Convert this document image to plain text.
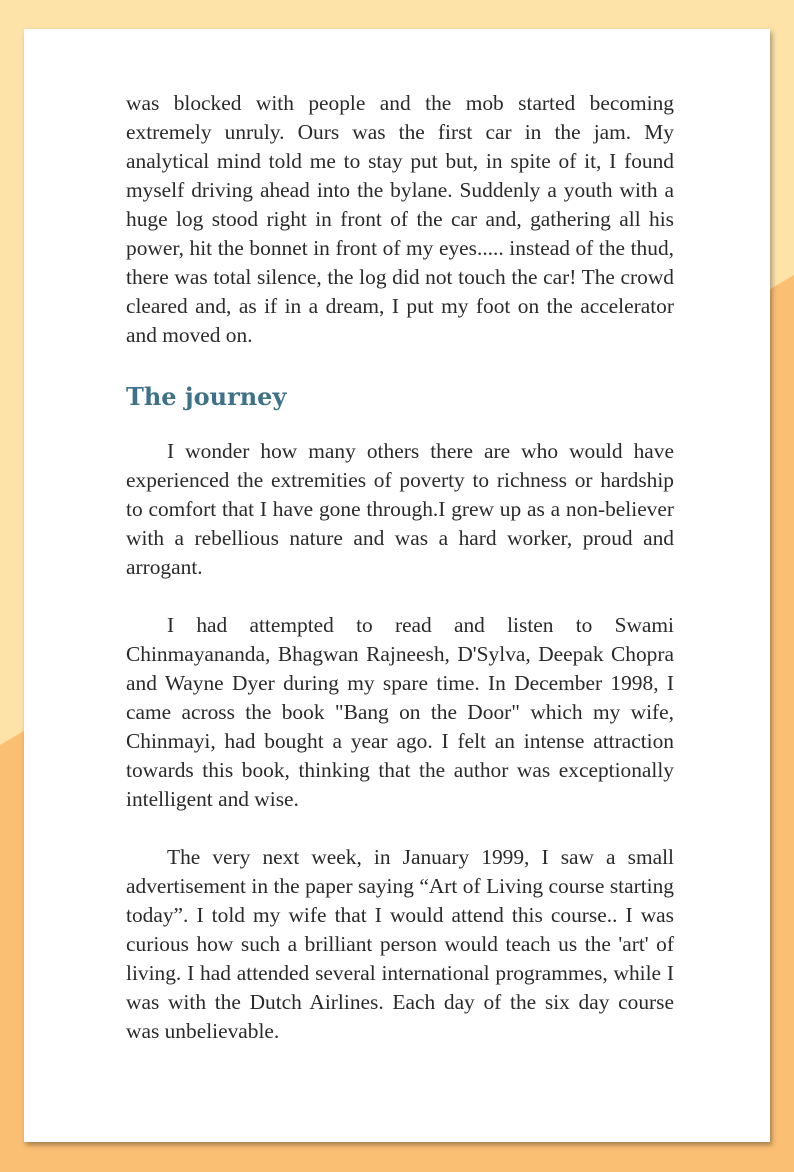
was blocked with people and the mob started becoming extremely unruly. Ours was the first car in the jam. My analytical mind told me to stay put but, in spite of it, I found myself driving ahead into the bylane. Suddenly a youth with a huge log stood right in front of the car and, gathering all his power, hit the bonnet in front of my eyes..... instead of the thud, there was total silence, the log did not touch the car! The crowd cleared and, as if in a dream, I put my foot on the accelerator and moved on.

The journey

I wonder how many others there are who would have experienced the extremities of poverty to richness or hardship to comfort that I have gone through.I grew up as a non-believer with a rebellious nature and was a hard worker, proud and arrogant.

I had attempted to read and listen to Swami Chinmayananda, Bhagwan Rajneesh, D'Sylva, Deepak Chopra and Wayne Dyer during my spare time. In December 1998, I came across the book "Bang on the Door" which my wife, Chinmayi, had bought a year ago. I felt an intense attraction towards this book, thinking that the author was exceptionally intelligent and wise.

The very next week, in January 1999, I saw a small advertisement in the paper saying “Art of Living course starting today”. I told my wife that I would attend this course.. I was curious how such a brilliant person would teach us the 'art' of living. I had attended several international programmes, while I was with the Dutch Airlines. Each day of the six day course was unbelievable.
